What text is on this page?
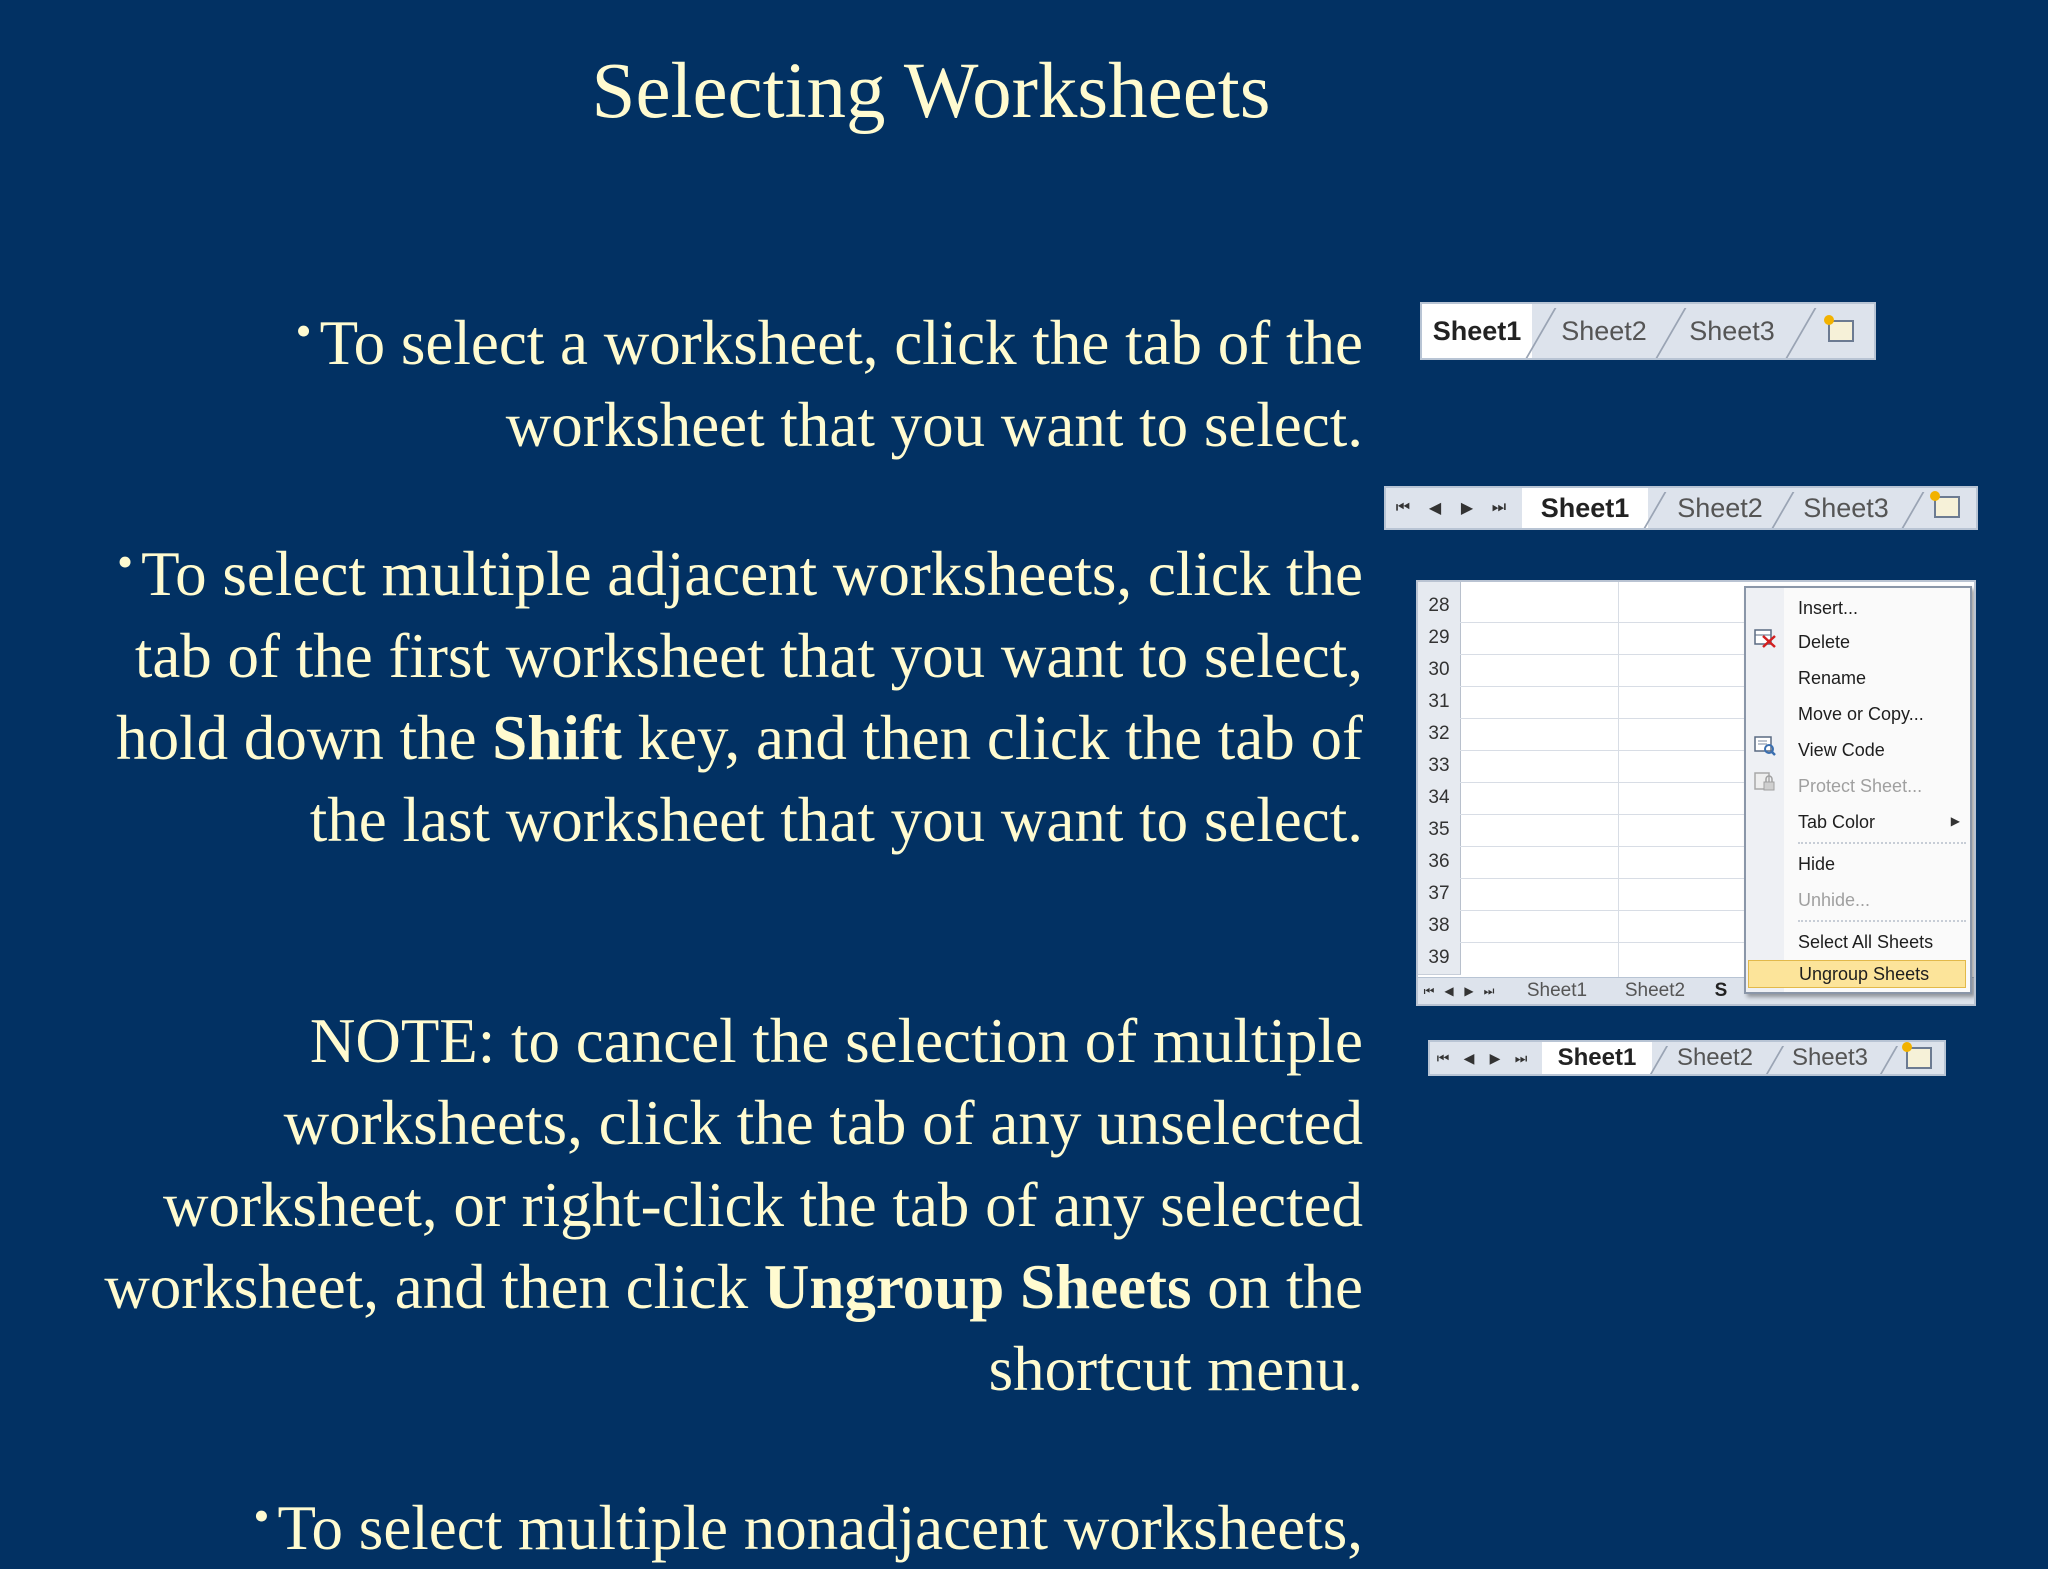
Selecting Worksheets
• To select a worksheet, click the tab of the worksheet that you want to select.
• To select multiple adjacent worksheets, click the tab of the first worksheet that you want to select, hold down the Shift key, and then click the tab of the last worksheet that you want to select.
NOTE: to cancel the selection of multiple worksheets, click the tab of any unselected worksheet, or right-click the tab of any selected worksheet, and then click Ungroup Sheets on the shortcut menu.
• To select multiple nonadjacent worksheets,
Sheet1	Sheet2	Sheet3
⏮	◀	▶	⏭	Sheet1	Sheet2	Sheet3
28
29
30
31
32
33
34
35
36
37
38
39
⏮ ◀ ▶ ⏭	Sheet1	Sheet2	S
Insert...
Delete
Rename
Move or Copy...
View Code
Protect Sheet...
Tab Color	▶
Hide
Unhide...
Select All Sheets
Ungroup Sheets
⏮	◀	▶	⏭	Sheet1	Sheet2	Sheet3
